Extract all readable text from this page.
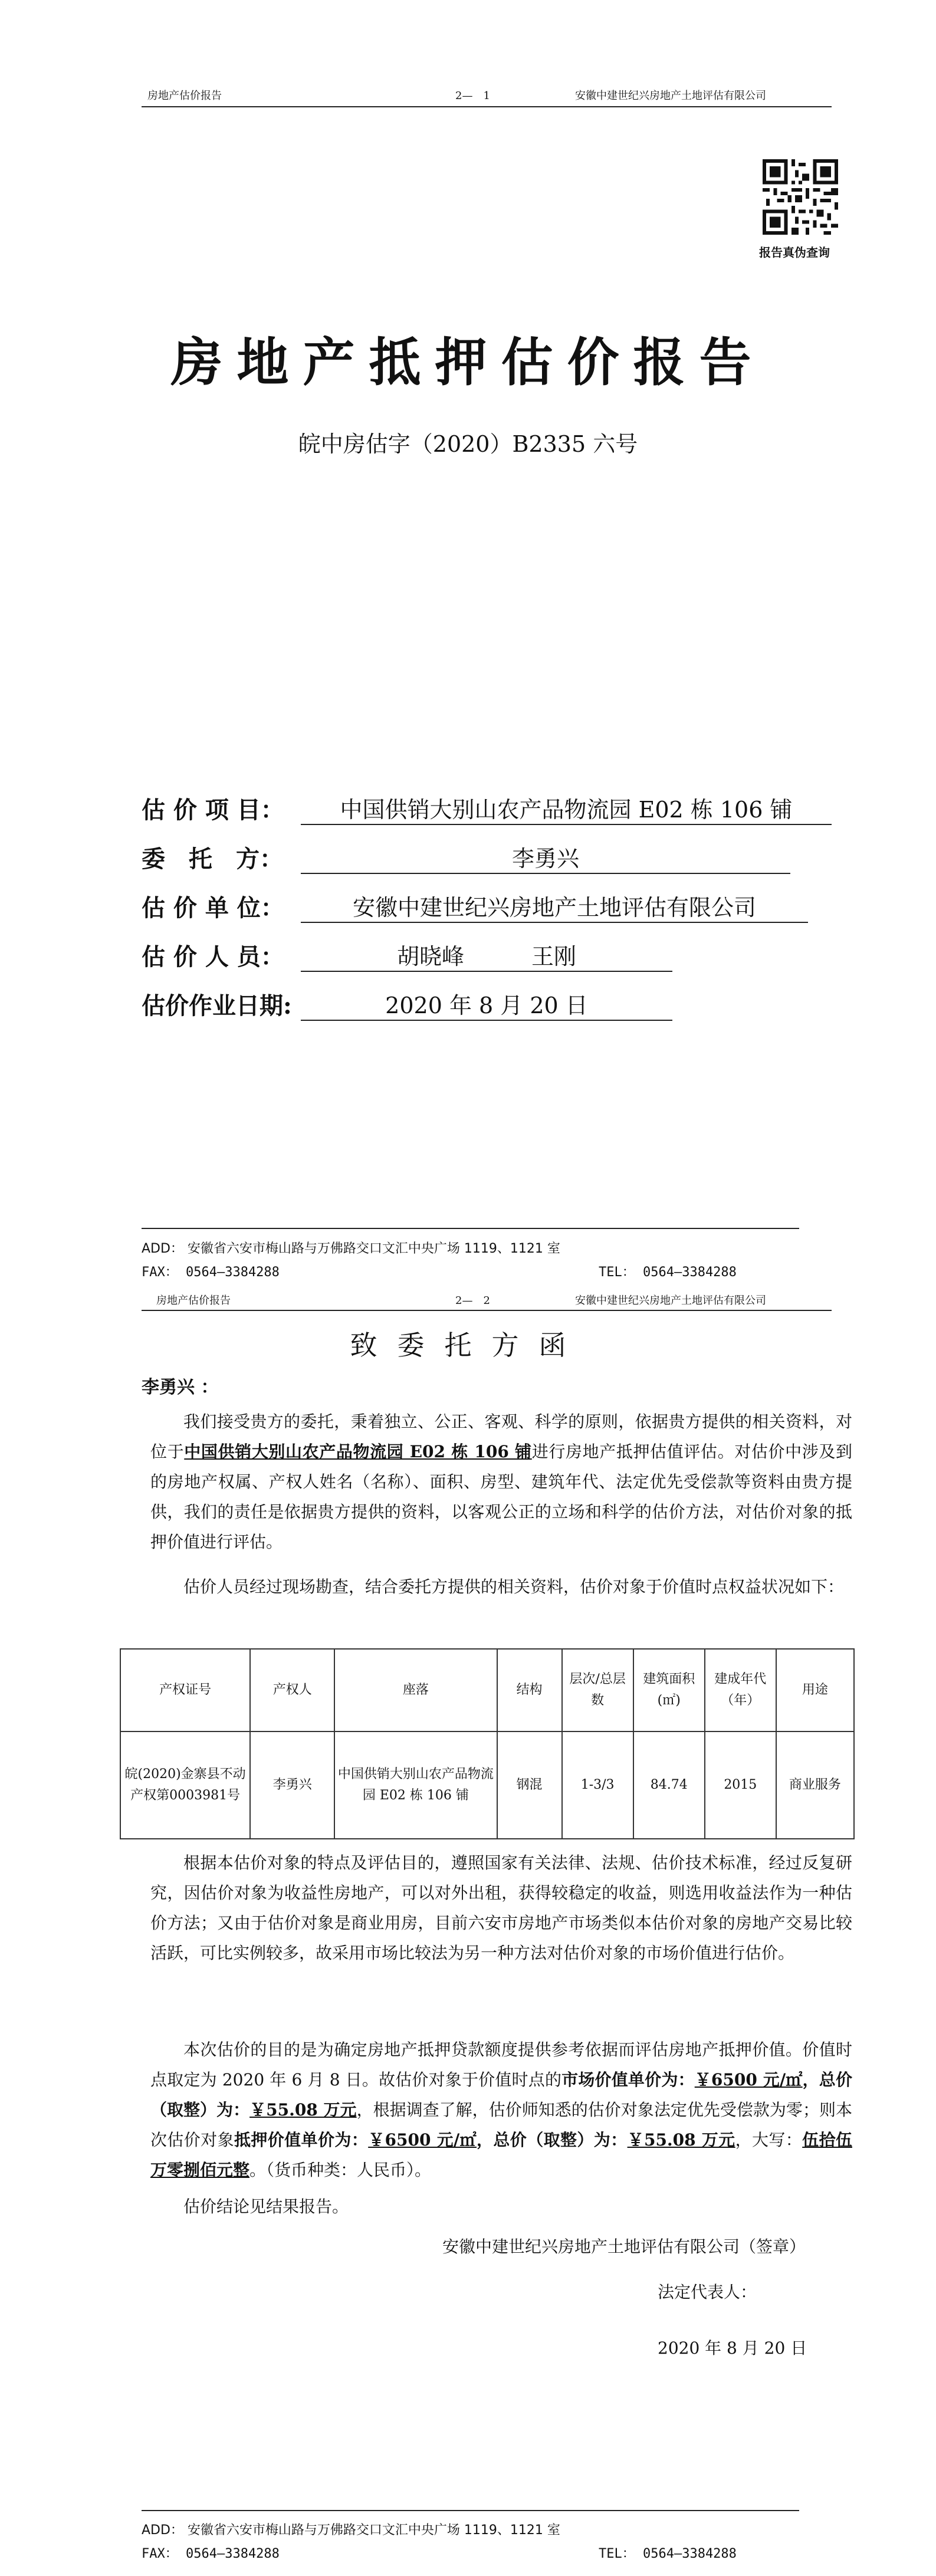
房地产估价报告	2—　1	安徽中建世纪兴房地产土地评估有限公司
报告真伪查询
房地产抵押估价报告
皖中房估字（2020）B2335 六号
估 价 项 目：	中国供销大别山农产品物流园 E02 栋 106 铺
委　托　方：	李勇兴
估 价 单 位：	安徽中建世纪兴房地产土地评估有限公司
估 价 人 员：	胡晓峰　　　王刚
估价作业日期:	2020 年 8 月 20 日
ADD： 安徽省六安市梅山路与万佛路交口文汇中央广场 1119、1121 室
FAX： 0564—3384288	TEL： 0564—3384288
房地产估价报告	2—　2	安徽中建世纪兴房地产土地评估有限公司
致委托方函
李勇兴 ：

我们接受贵方的委托，秉着独立、公正、客观、科学的原则，依据贵方提供的相关资料，对位于中国供销大别山农产品物流园 E02 栋 106 铺进行房地产抵押估值评估。对估价中涉及到的房地产权属、产权人姓名（名称）、面积、房型、建筑年代、法定优先受偿款等资料由贵方提供，我们的责任是依据贵方提供的资料，以客观公正的立场和科学的估价方法，对估价对象的抵押价值进行评估。

估价人员经过现场勘查，结合委托方提供的相关资料，估价对象于价值时点权益状况如下：

产权证号	产权人	座落	结构	层次/总层数	建筑面积(㎡)	建成年代（年）	用途
皖(2020)金寨县不动产权第0003981号	李勇兴	中国供销大别山农产品物流园 E02 栋 106 铺	钢混	1-3/3	84.74	2015	商业服务

根据本估价对象的特点及评估目的，遵照国家有关法律、法规、估价技术标准，经过反复研究，因估价对象为收益性房地产，可以对外出租，获得较稳定的收益，则选用收益法作为一种估价方法；又由于估价对象是商业用房，目前六安市房地产市场类似本估价对象的房地产交易比较活跃，可比实例较多，故采用市场比较法为另一种方法对估价对象的市场价值进行估价。

本次估价的目的是为确定房地产抵押贷款额度提供参考依据而评估房地产抵押价值。价值时点取定为 2020 年 6 月 8 日。故估价对象于价值时点的市场价值单价为：￥6500 元/㎡，总价（取整）为：￥55.08 万元，根据调查了解，估价师知悉的估价对象法定优先受偿款为零；则本次估价对象抵押价值单价为：￥6500 元/㎡，总价（取整）为：￥55.08 万元，大写：伍拾伍万零捌佰元整。（货币种类：人民币）。

估价结论见结果报告。

安徽中建世纪兴房地产土地评估有限公司（签章）
法定代表人：
2020 年 8 月 20 日
ADD： 安徽省六安市梅山路与万佛路交口文汇中央广场 1119、1121 室
FAX： 0564—3384288	TEL： 0564—3384288
